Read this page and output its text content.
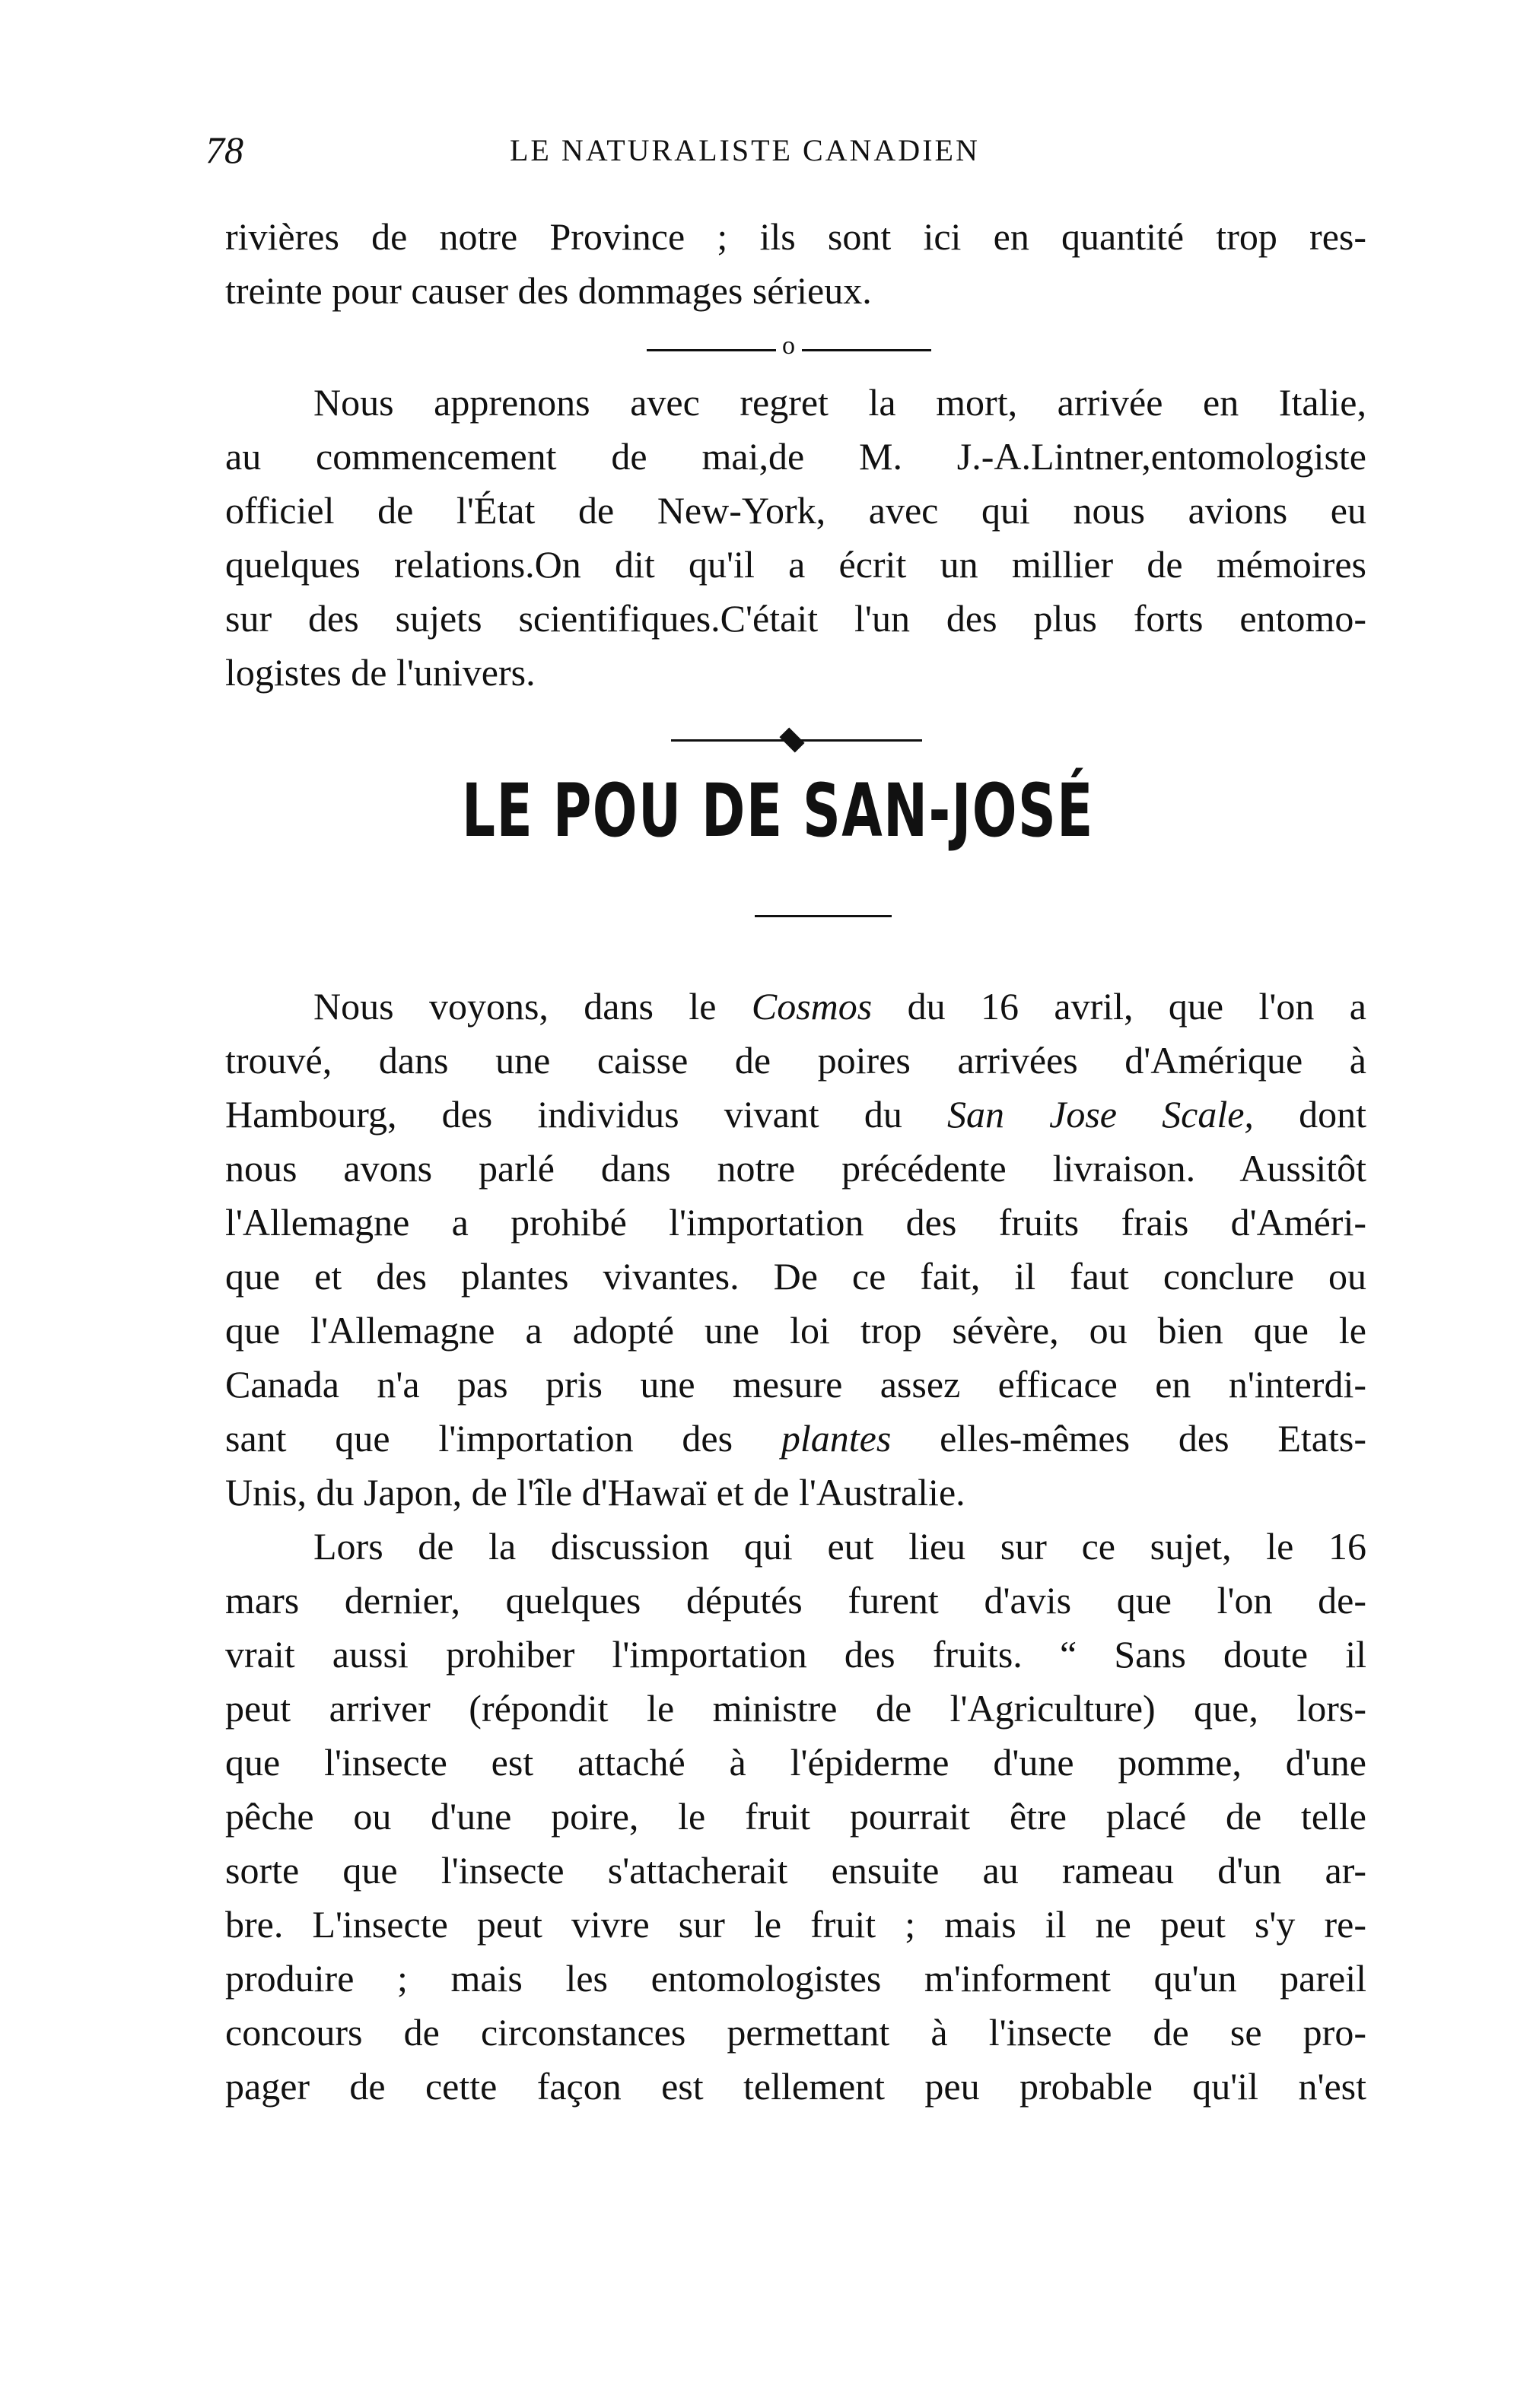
78	LE NATURALISTE CANADIEN
rivières de notre Province ; ils sont ici en quantité trop res-
treinte pour causer des dommages sérieux.
o
Nous apprenons avec regret la mort, arrivée en Italie,
au commencement de mai,de M. J.-A.Lintner,entomologiste
officiel de l'État de New-York, avec qui nous avions eu
quelques relations.On dit qu'il a écrit un millier de mémoires
sur des sujets scientifiques.C'était l'un des plus forts entomo-
logistes de l'univers.
LE POU DE SAN-JOSÉ
Nous voyons, dans le Cosmos du 16 avril, que l'on a
trouvé, dans une caisse de poires arrivées d'Amérique à
Hambourg, des individus vivant du San Jose Scale, dont
nous avons parlé dans notre précédente livraison. Aussitôt
l'Allemagne a prohibé l'importation des fruits frais d'Améri-
que et des plantes vivantes. De ce fait, il faut conclure ou
que l'Allemagne a adopté une loi trop sévère, ou bien que le
Canada n'a pas pris une mesure assez efficace en n'interdi-
sant que l'importation des plantes elles-mêmes des Etats-
Unis, du Japon, de l'île d'Hawaï et de l'Australie.
Lors de la discussion qui eut lieu sur ce sujet, le 16
mars dernier, quelques députés furent d'avis que l'on de-
vrait aussi prohiber l'importation des fruits. “ Sans doute il
peut arriver (répondit le ministre de l'Agriculture) que, lors-
que l'insecte est attaché à l'épiderme d'une pomme, d'une
pêche ou d'une poire, le fruit pourrait être placé de telle
sorte que l'insecte s'attacherait ensuite au rameau d'un ar-
bre. L'insecte peut vivre sur le fruit ; mais il ne peut s'y re-
produire ; mais les entomologistes m'informent qu'un pareil
concours de circonstances permettant à l'insecte de se pro-
pager de cette façon est tellement peu probable qu'il n'est
